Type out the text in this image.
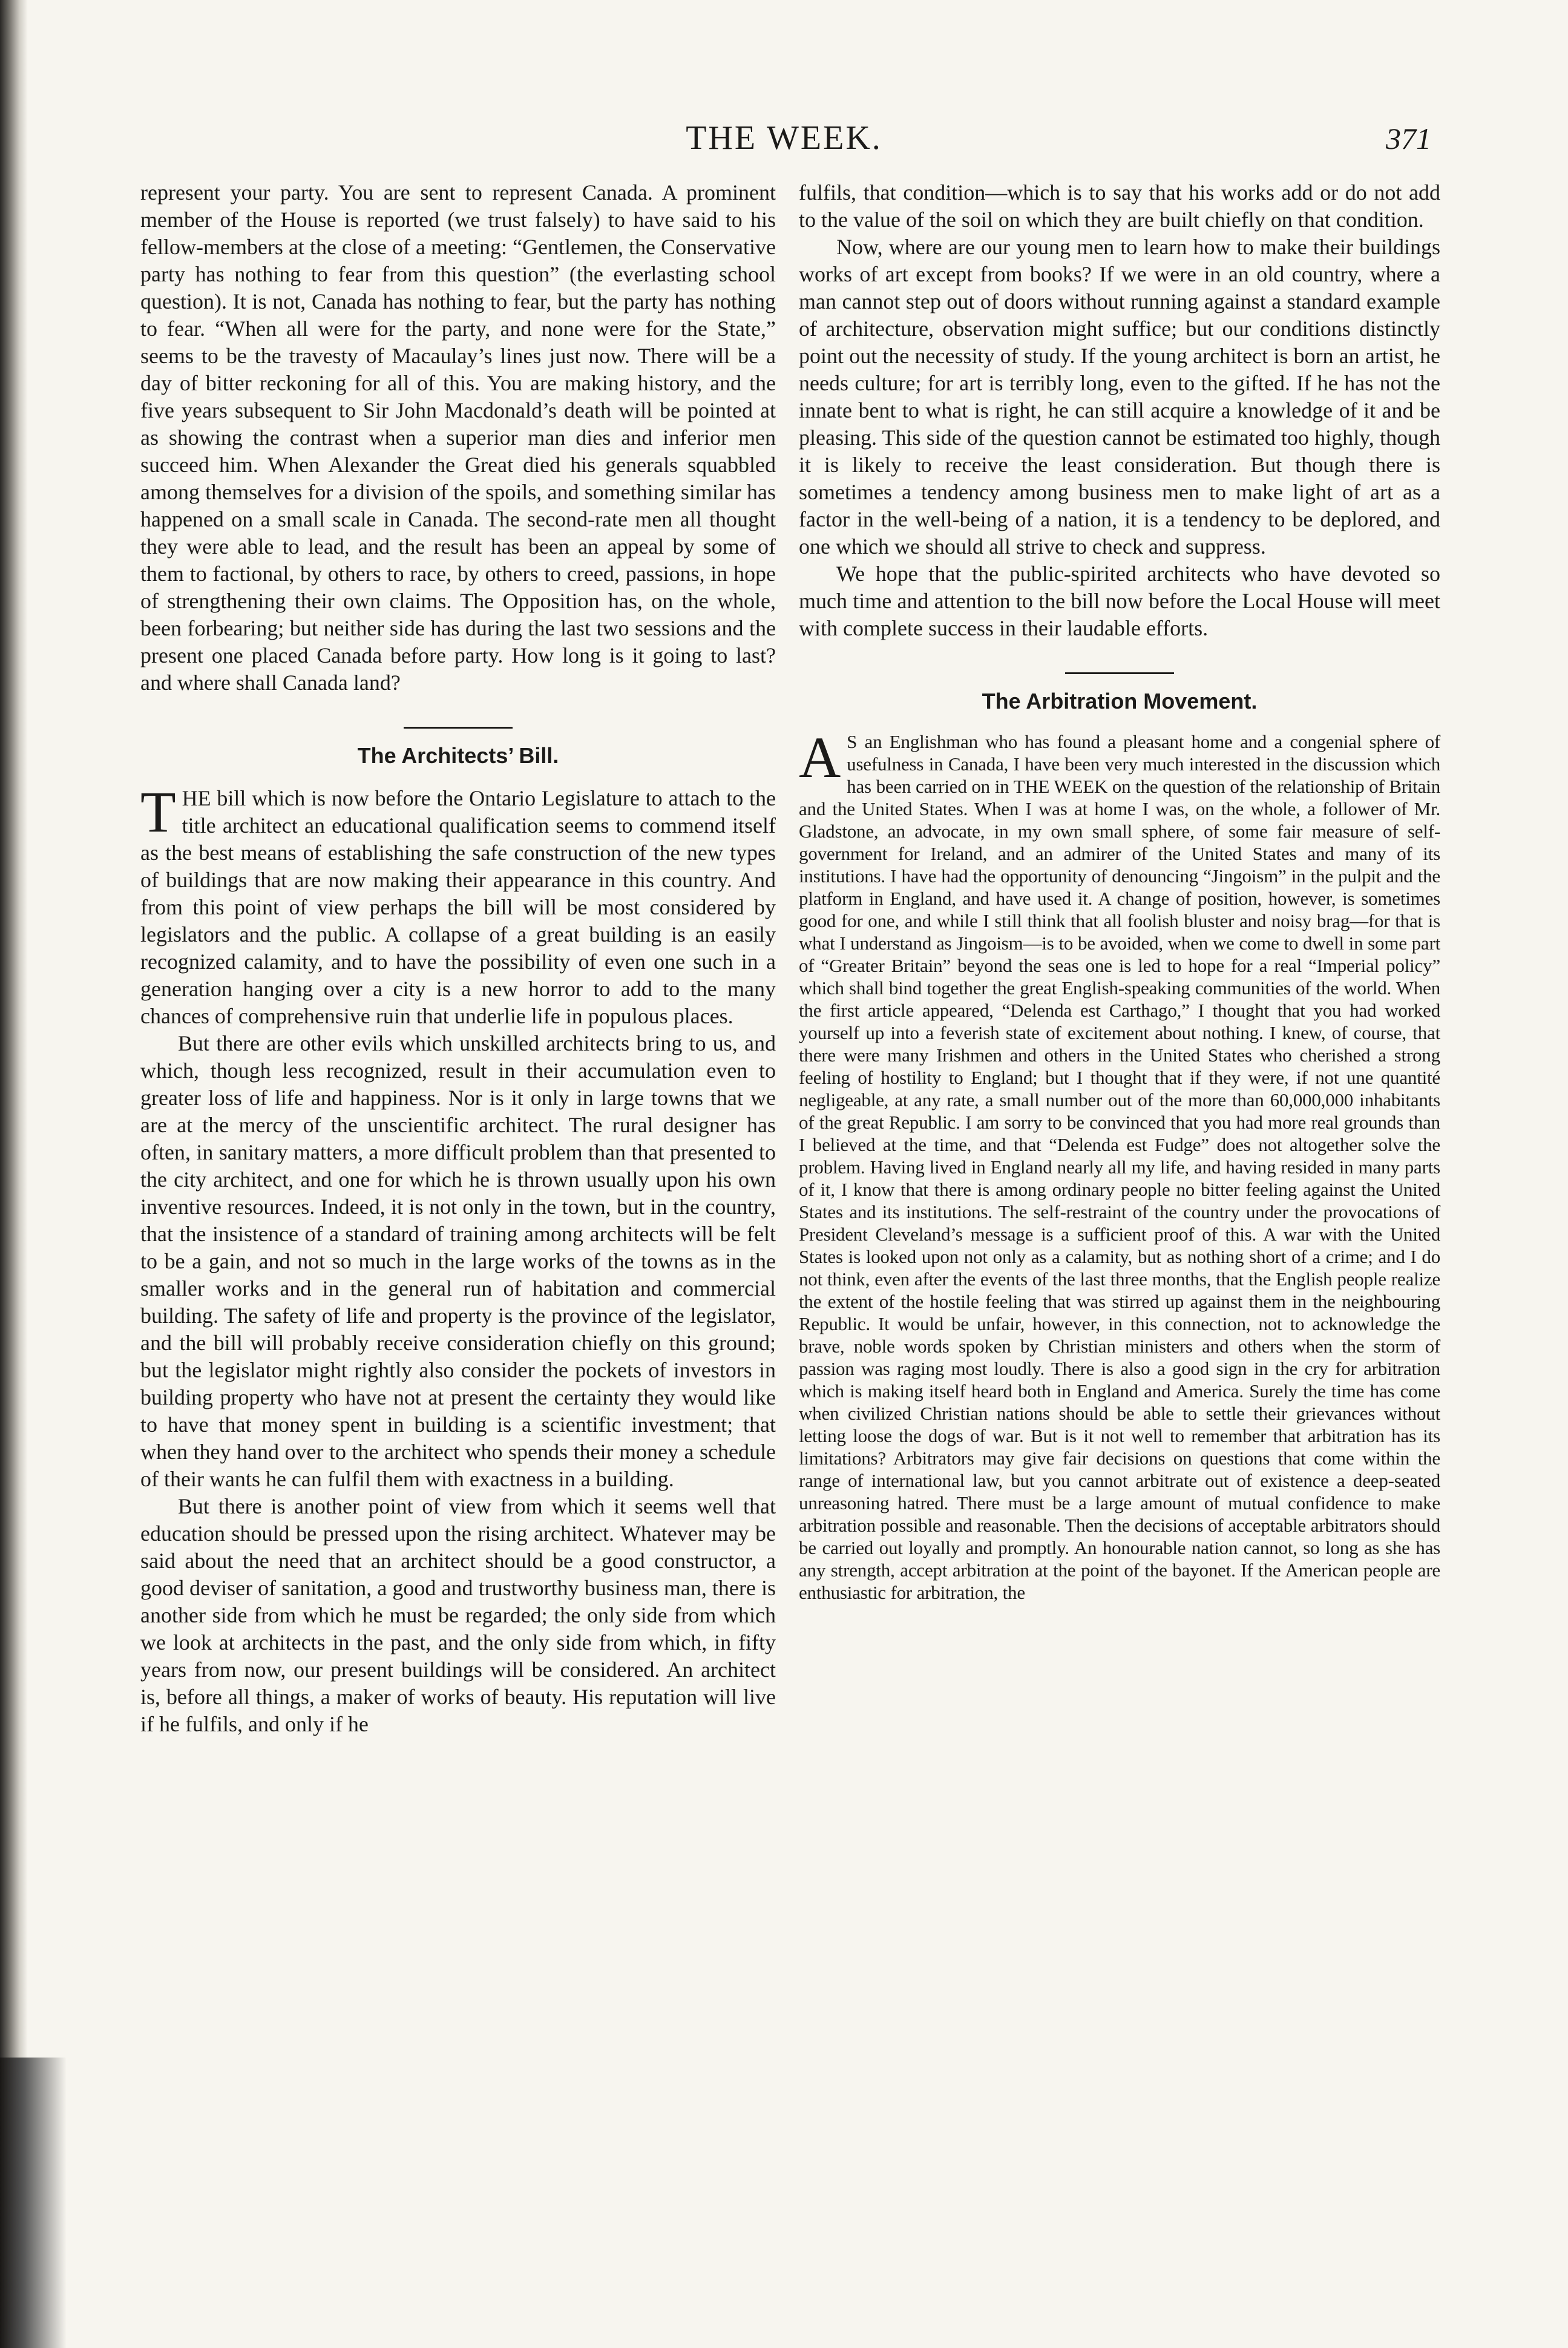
THE WEEK.	371

represent your party. You are sent to represent Canada. A prominent member of the House is reported (we trust falsely) to have said to his fellow-members at the close of a meeting: “Gentlemen, the Conservative party has nothing to fear from this question” (the everlasting school question). It is not, Canada has nothing to fear, but the party has nothing to fear. “When all were for the party, and none were for the State,” seems to be the travesty of Macaulay’s lines just now. There will be a day of bitter reckoning for all of this. You are making history, and the five years subsequent to Sir John Macdonald’s death will be pointed at as showing the contrast when a superior man dies and inferior men succeed him. When Alexander the Great died his generals squabbled among themselves for a division of the spoils, and something similar has happened on a small scale in Canada. The second-rate men all thought they were able to lead, and the result has been an appeal by some of them to factional, by others to race, by others to creed, passions, in hope of strengthening their own claims. The Opposition has, on the whole, been forbearing; but neither side has during the last two sessions and the present one placed Canada before party. How long is it going to last? and where shall Canada land?

The Architects’ Bill.

THE bill which is now before the Ontario Legislature to attach to the title architect an educational qualification seems to commend itself as the best means of establishing the safe construction of the new types of buildings that are now making their appearance in this country. And from this point of view perhaps the bill will be most considered by legislators and the public. A collapse of a great building is an easily recognized calamity, and to have the possibility of even one such in a generation hanging over a city is a new horror to add to the many chances of comprehensive ruin that underlie life in populous places.

But there are other evils which unskilled architects bring to us, and which, though less recognized, result in their accumulation even to greater loss of life and happiness. Nor is it only in large towns that we are at the mercy of the unscientific architect. The rural designer has often, in sanitary matters, a more difficult problem than that presented to the city architect, and one for which he is thrown usually upon his own inventive resources. Indeed, it is not only in the town, but in the country, that the insistence of a standard of training among architects will be felt to be a gain, and not so much in the large works of the towns as in the smaller works and in the general run of habitation and commercial building. The safety of life and property is the province of the legislator, and the bill will probably receive consideration chiefly on this ground; but the legislator might rightly also consider the pockets of investors in building property who have not at present the certainty they would like to have that money spent in building is a scientific investment; that when they hand over to the architect who spends their money a schedule of their wants he can fulfil them with exactness in a building.

But there is another point of view from which it seems well that education should be pressed upon the rising architect. Whatever may be said about the need that an architect should be a good constructor, a good deviser of sanitation, a good and trustworthy business man, there is another side from which he must be regarded; the only side from which we look at architects in the past, and the only side from which, in fifty years from now, our present buildings will be considered. An architect is, before all things, a maker of works of beauty. His reputation will live if he fulfils, and only if he

fulfils, that condition—which is to say that his works add or do not add to the value of the soil on which they are built chiefly on that condition.

Now, where are our young men to learn how to make their buildings works of art except from books? If we were in an old country, where a man cannot step out of doors without running against a standard example of architecture, observation might suffice; but our conditions distinctly point out the necessity of study. If the young architect is born an artist, he needs culture; for art is terribly long, even to the gifted. If he has not the innate bent to what is right, he can still acquire a knowledge of it and be pleasing. This side of the question cannot be estimated too highly, though it is likely to receive the least consideration. But though there is sometimes a tendency among business men to make light of art as a factor in the well-being of a nation, it is a tendency to be deplored, and one which we should all strive to check and suppress.

We hope that the public-spirited architects who have devoted so much time and attention to the bill now before the Local House will meet with complete success in their laudable efforts.

The Arbitration Movement.

A S an Englishman who has found a pleasant home and a congenial sphere of usefulness in Canada, I have been very much interested in the discussion which has been carried on in THE WEEK on the question of the relationship of Britain and the United States. When I was at home I was, on the whole, a follower of Mr. Gladstone, an advocate, in my own small sphere, of some fair measure of self-government for Ireland, and an admirer of the United States and many of its institutions. I have had the opportunity of denouncing “Jingoism” in the pulpit and the platform in England, and have used it. A change of position, however, is sometimes good for one, and while I still think that all foolish bluster and noisy brag—for that is what I understand as Jingoism—is to be avoided, when we come to dwell in some part of “Greater Britain” beyond the seas one is led to hope for a real “Imperial policy” which shall bind together the great English-speaking communities of the world. When the first article appeared, “Delenda est Carthago,” I thought that you had worked yourself up into a feverish state of excitement about nothing. I knew, of course, that there were many Irishmen and others in the United States who cherished a strong feeling of hostility to England; but I thought that if they were, if not une quantité negligeable, at any rate, a small number out of the more than 60,000,000 inhabitants of the great Republic. I am sorry to be convinced that you had more real grounds than I believed at the time, and that “Delenda est Fudge” does not altogether solve the problem. Having lived in England nearly all my life, and having resided in many parts of it, I know that there is among ordinary people no bitter feeling against the United States and its institutions. The self-restraint of the country under the provocations of President Cleveland’s message is a sufficient proof of this. A war with the United States is looked upon not only as a calamity, but as nothing short of a crime; and I do not think, even after the events of the last three months, that the English people realize the extent of the hostile feeling that was stirred up against them in the neighbouring Republic. It would be unfair, however, in this connection, not to acknowledge the brave, noble words spoken by Christian ministers and others when the storm of passion was raging most loudly. There is also a good sign in the cry for arbitration which is making itself heard both in England and America. Surely the time has come when civilized Christian nations should be able to settle their grievances without letting loose the dogs of war. But is it not well to remember that arbitration has its limitations? Arbitrators may give fair decisions on questions that come within the range of international law, but you cannot arbitrate out of existence a deep-seated unreasoning hatred. There must be a large amount of mutual confidence to make arbitration possible and reasonable. Then the decisions of acceptable arbitrators should be carried out loyally and promptly. An honourable nation cannot, so long as she has any strength, accept arbitration at the point of the bayonet. If the American people are enthusiastic for arbitration, the
